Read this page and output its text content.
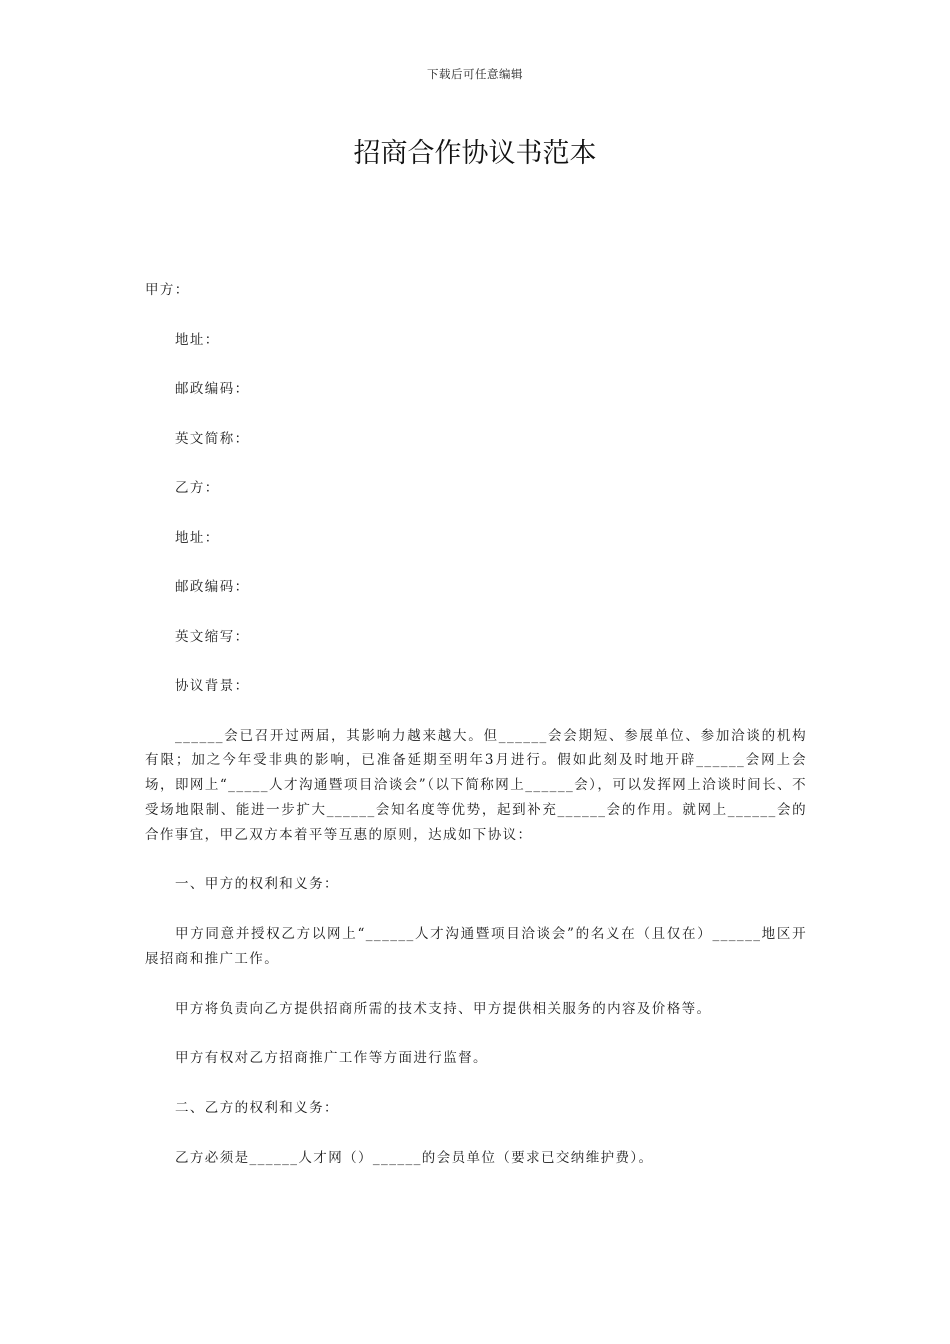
下载后可任意编辑
招商合作协议书范本
甲方：
地址：
邮政编码：
英文简称：
乙方：
地址：
邮政编码：
英文缩写：
协议背景：

______会已召开过两届，其影响力越来越大。但______会会期短、参展单位、参加洽谈的机构有限；加之今年受非典的影响，已准备延期至明年3月进行。假如此刻及时地开辟______会网上会场，即网上“_____人才沟通暨项目洽谈会”（以下简称网上______会），可以发挥网上洽谈时间长、不受场地限制、能进一步扩大______会知名度等优势，起到补充______会的作用。就网上______会的合作事宜，甲乙双方本着平等互惠的原则，达成如下协议：

一、甲方的权利和义务：

甲方同意并授权乙方以网上“______人才沟通暨项目洽谈会”的名义在（且仅在）______地区开展招商和推广工作。

甲方将负责向乙方提供招商所需的技术支持、甲方提供相关服务的内容及价格等。

甲方有权对乙方招商推广工作等方面进行监督。

二、乙方的权利和义务：

乙方必须是______人才网（）______的会员单位（要求已交纳维护费）。
